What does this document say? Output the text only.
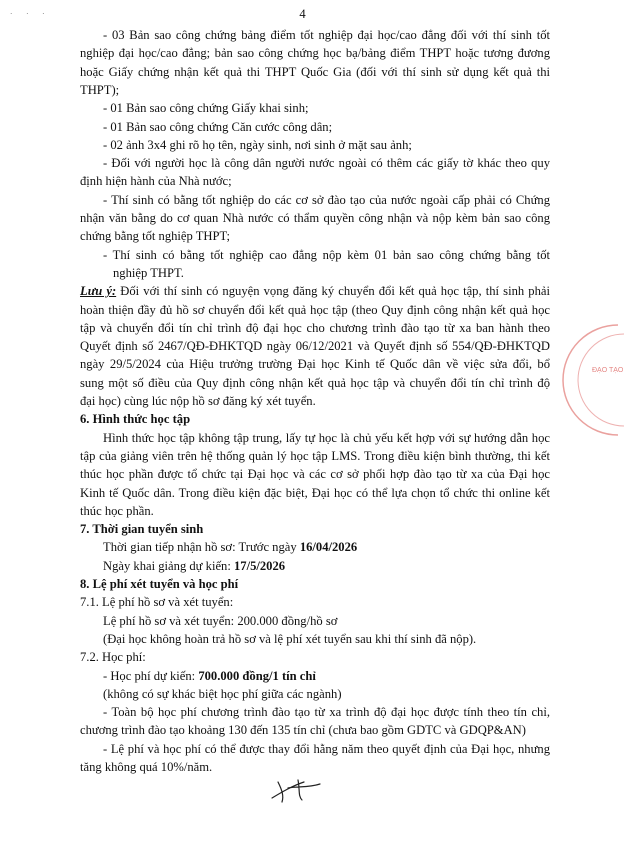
· · ·	4
- 03 Bản sao công chứng bảng điểm tốt nghiệp đại học/cao đẳng đối với thí sinh tốt
nghiệp đại học/cao đẳng; bản sao công chứng học bạ/bảng điểm THPT hoặc tương đương
hoặc Giấy chứng nhận kết quả thi THPT Quốc Gia (đối với thí sinh sử dụng kết quả thi
THPT);
- 01 Bản sao công chứng Giấy khai sinh;
- 01 Bản sao công chứng Căn cước công dân;
- 02 ảnh 3x4 ghi rõ họ tên, ngày sinh, nơi sinh ở mặt sau ảnh;
- Đối với người học là công dân người nước ngoài có thêm các giấy tờ khác theo quy
định hiện hành của Nhà nước;
- Thí sinh có bằng tốt nghiệp do các cơ sở đào tạo của nước ngoài cấp phải có Chứng
nhận văn bằng do cơ quan Nhà nước có thẩm quyền công nhận và nộp kèm bản sao công
chứng bằng tốt nghiệp THPT;
- Thí sinh có bằng tốt nghiệp cao đẳng nộp kèm 01 bản sao công chứng bằng tốt
nghiệp THPT.
Lưu ý: Đối với thí sinh có nguyện vọng đăng ký chuyển đổi kết quả học tập, thí sinh phải
hoàn thiện đầy đủ hồ sơ chuyển đổi kết quả học tập (theo Quy định công nhận kết quả học
tập và chuyển đổi tín chỉ trình độ đại học cho chương trình đào tạo từ xa ban hành theo
Quyết định số 2467/QĐ-ĐHKTQD ngày 06/12/2021 và Quyết định số 554/QĐ-ĐHKTQD
ngày 29/5/2024 của Hiệu trưởng trường Đại học Kinh tế Quốc dân về việc sửa đổi, bổ
sung một số điều của Quy định công nhận kết quả học tập và chuyển đổi tín chỉ trình độ
đại học) cùng lúc nộp hồ sơ đăng ký xét tuyển.
6. Hình thức học tập
Hình thức học tập không tập trung, lấy tự học là chủ yếu kết hợp với sự hướng dẫn học
tập của giảng viên trên hệ thống quản lý học tập LMS. Trong điều kiện bình thường, thi kết
thúc học phần được tổ chức tại Đại học và các cơ sở phối hợp đào tạo từ xa của Đại học
Kinh tế Quốc dân. Trong điều kiện đặc biệt, Đại học có thể lựa chọn tổ chức thi online kết
thúc học phần.
7. Thời gian tuyển sinh
Thời gian tiếp nhận hồ sơ: Trước ngày 16/04/2026
Ngày khai giảng dự kiến: 17/5/2026
8. Lệ phí xét tuyển và học phí
7.1. Lệ phí hồ sơ và xét tuyển:
Lệ phí hồ sơ và xét tuyển: 200.000 đồng/hồ sơ
(Đại học không hoàn trả hồ sơ và lệ phí xét tuyển sau khi thí sinh đã nộp).
7.2. Học phí:
- Học phí dự kiến: 700.000 đồng/1 tín chỉ
(không có sự khác biệt học phí giữa các ngành)
- Toàn bộ học phí chương trình đào tạo từ xa trình độ đại học được tính theo tín chỉ,
chương trình đào tạo khoảng 130 đến 135 tín chỉ (chưa bao gồm GDTC và GDQP&AN)
- Lệ phí và học phí có thể được thay đổi hằng năm theo quyết định của Đại học, nhưng
tăng không quá 10%/năm.
ĐẠO TẠO
